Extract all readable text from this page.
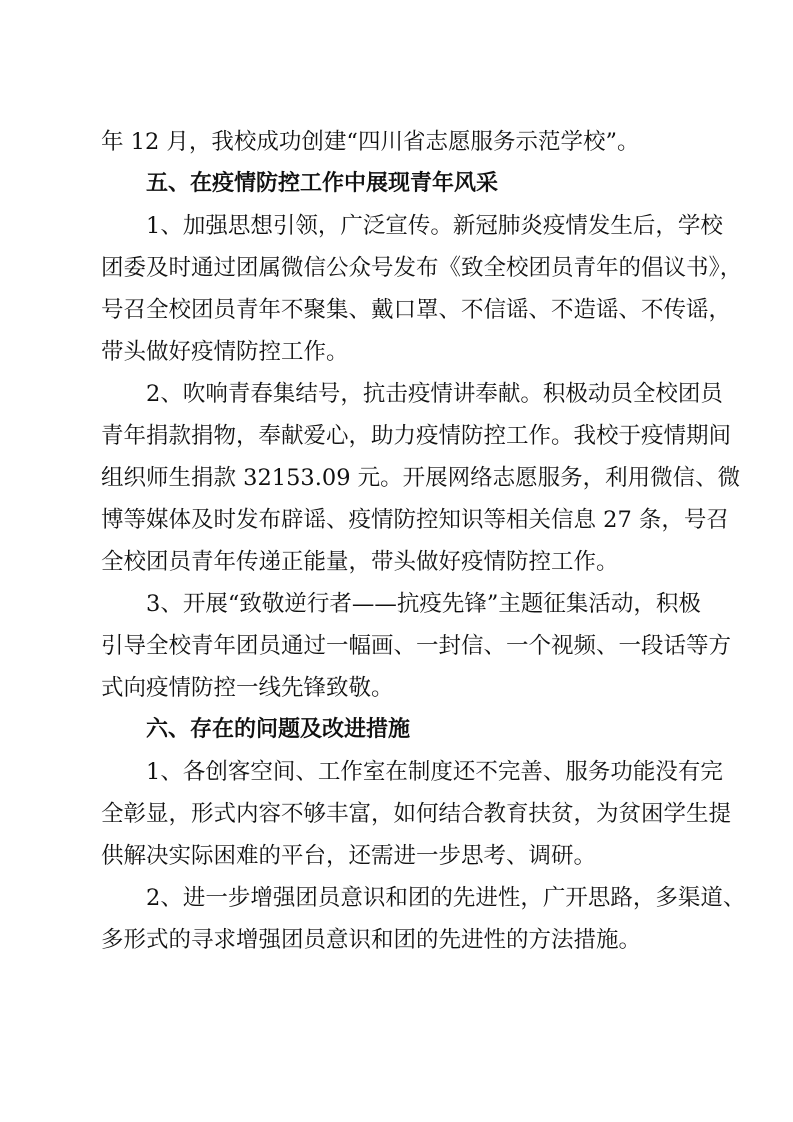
年 12 月，我校成功创建“四川省志愿服务示范学校”。
五、在疫情防控工作中展现青年风采
1、加强思想引领，广泛宣传。新冠肺炎疫情发生后，学校
团委及时通过团属微信公众号发布《致全校团员青年的倡议书》，
号召全校团员青年不聚集、戴口罩、不信谣、不造谣、不传谣，
带头做好疫情防控工作。
2、吹响青春集结号，抗击疫情讲奉献。积极动员全校团员
青年捐款捐物，奉献爱心，助力疫情防控工作。我校于疫情期间
组织师生捐款 32153.09 元。开展网络志愿服务，利用微信、微
博等媒体及时发布辟谣、疫情防控知识等相关信息 27 条，号召
全校团员青年传递正能量，带头做好疫情防控工作。
3、开展“致敬逆行者——抗疫先锋”主题征集活动，积极
引导全校青年团员通过一幅画、一封信、一个视频、一段话等方
式向疫情防控一线先锋致敬。
六、存在的问题及改进措施
1、各创客空间、工作室在制度还不完善、服务功能没有完
全彰显，形式内容不够丰富，如何结合教育扶贫，为贫困学生提
供解决实际困难的平台，还需进一步思考、调研。
2、进一步增强团员意识和团的先进性，广开思路，多渠道、
多形式的寻求增强团员意识和团的先进性的方法措施。
